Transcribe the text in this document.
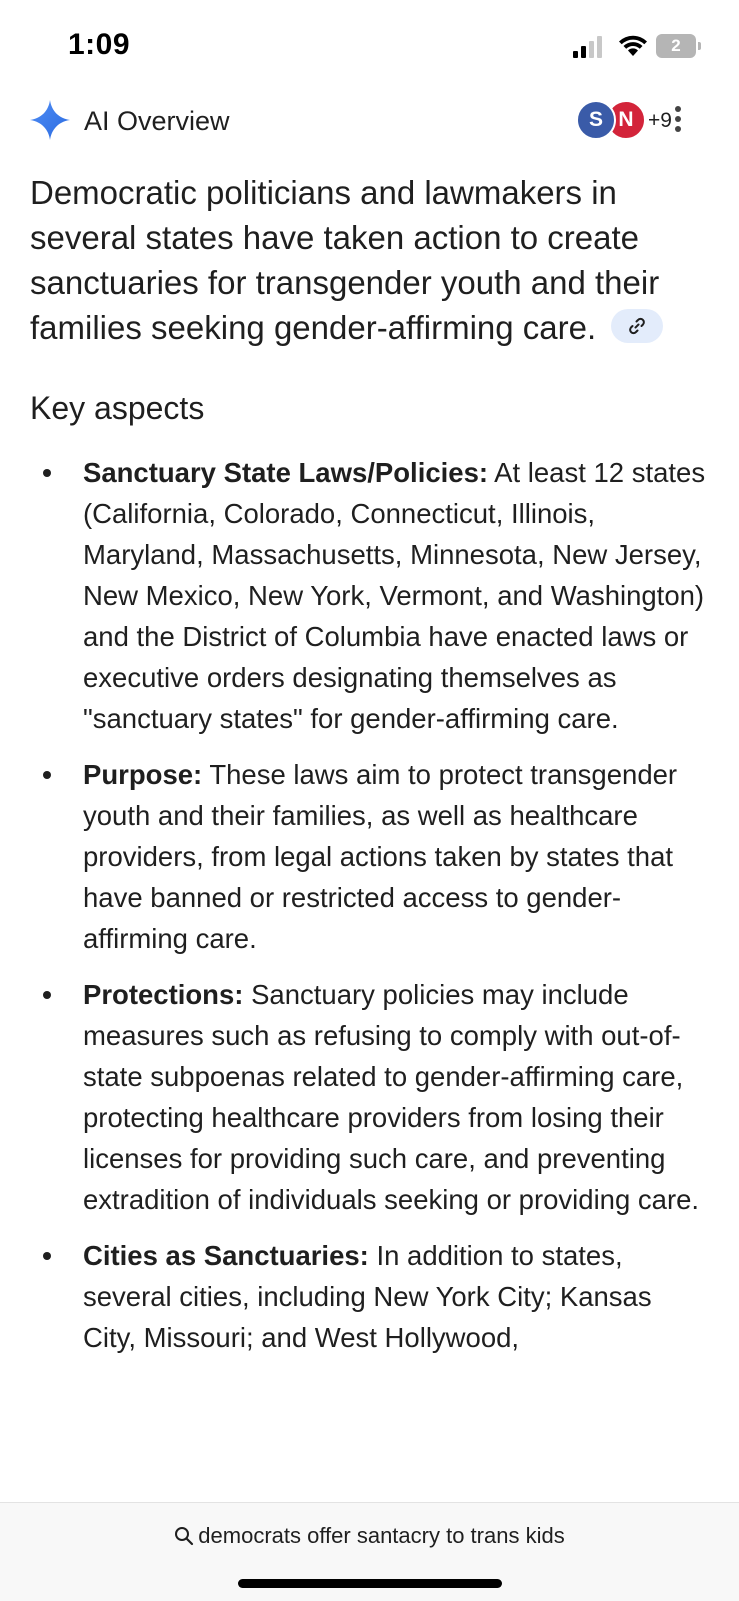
1:09	2
AI Overview	S N +9
Democratic politicians and lawmakers in several states have taken action to create sanctuaries for transgender youth and their families seeking gender-affirming care.
Key aspects
Sanctuary State Laws/Policies: At least 12 states (California, Colorado, Connecticut, Illinois, Maryland, Massachusetts, Minnesota, New Jersey, New Mexico, New York, Vermont, and Washington) and the District of Columbia have enacted laws or executive orders designating themselves as "sanctuary states" for gender-affirming care.
Purpose: These laws aim to protect transgender youth and their families, as well as healthcare providers, from legal actions taken by states that have banned or restricted access to gender-affirming care.
Protections: Sanctuary policies may include measures such as refusing to comply with out-of-state subpoenas related to gender-affirming care, protecting healthcare providers from losing their licenses for providing such care, and preventing extradition of individuals seeking or providing care.
Cities as Sanctuaries: In addition to states, several cities, including New York City; Kansas City, Missouri; and West Hollywood,
democrats offer santacry to trans kids
